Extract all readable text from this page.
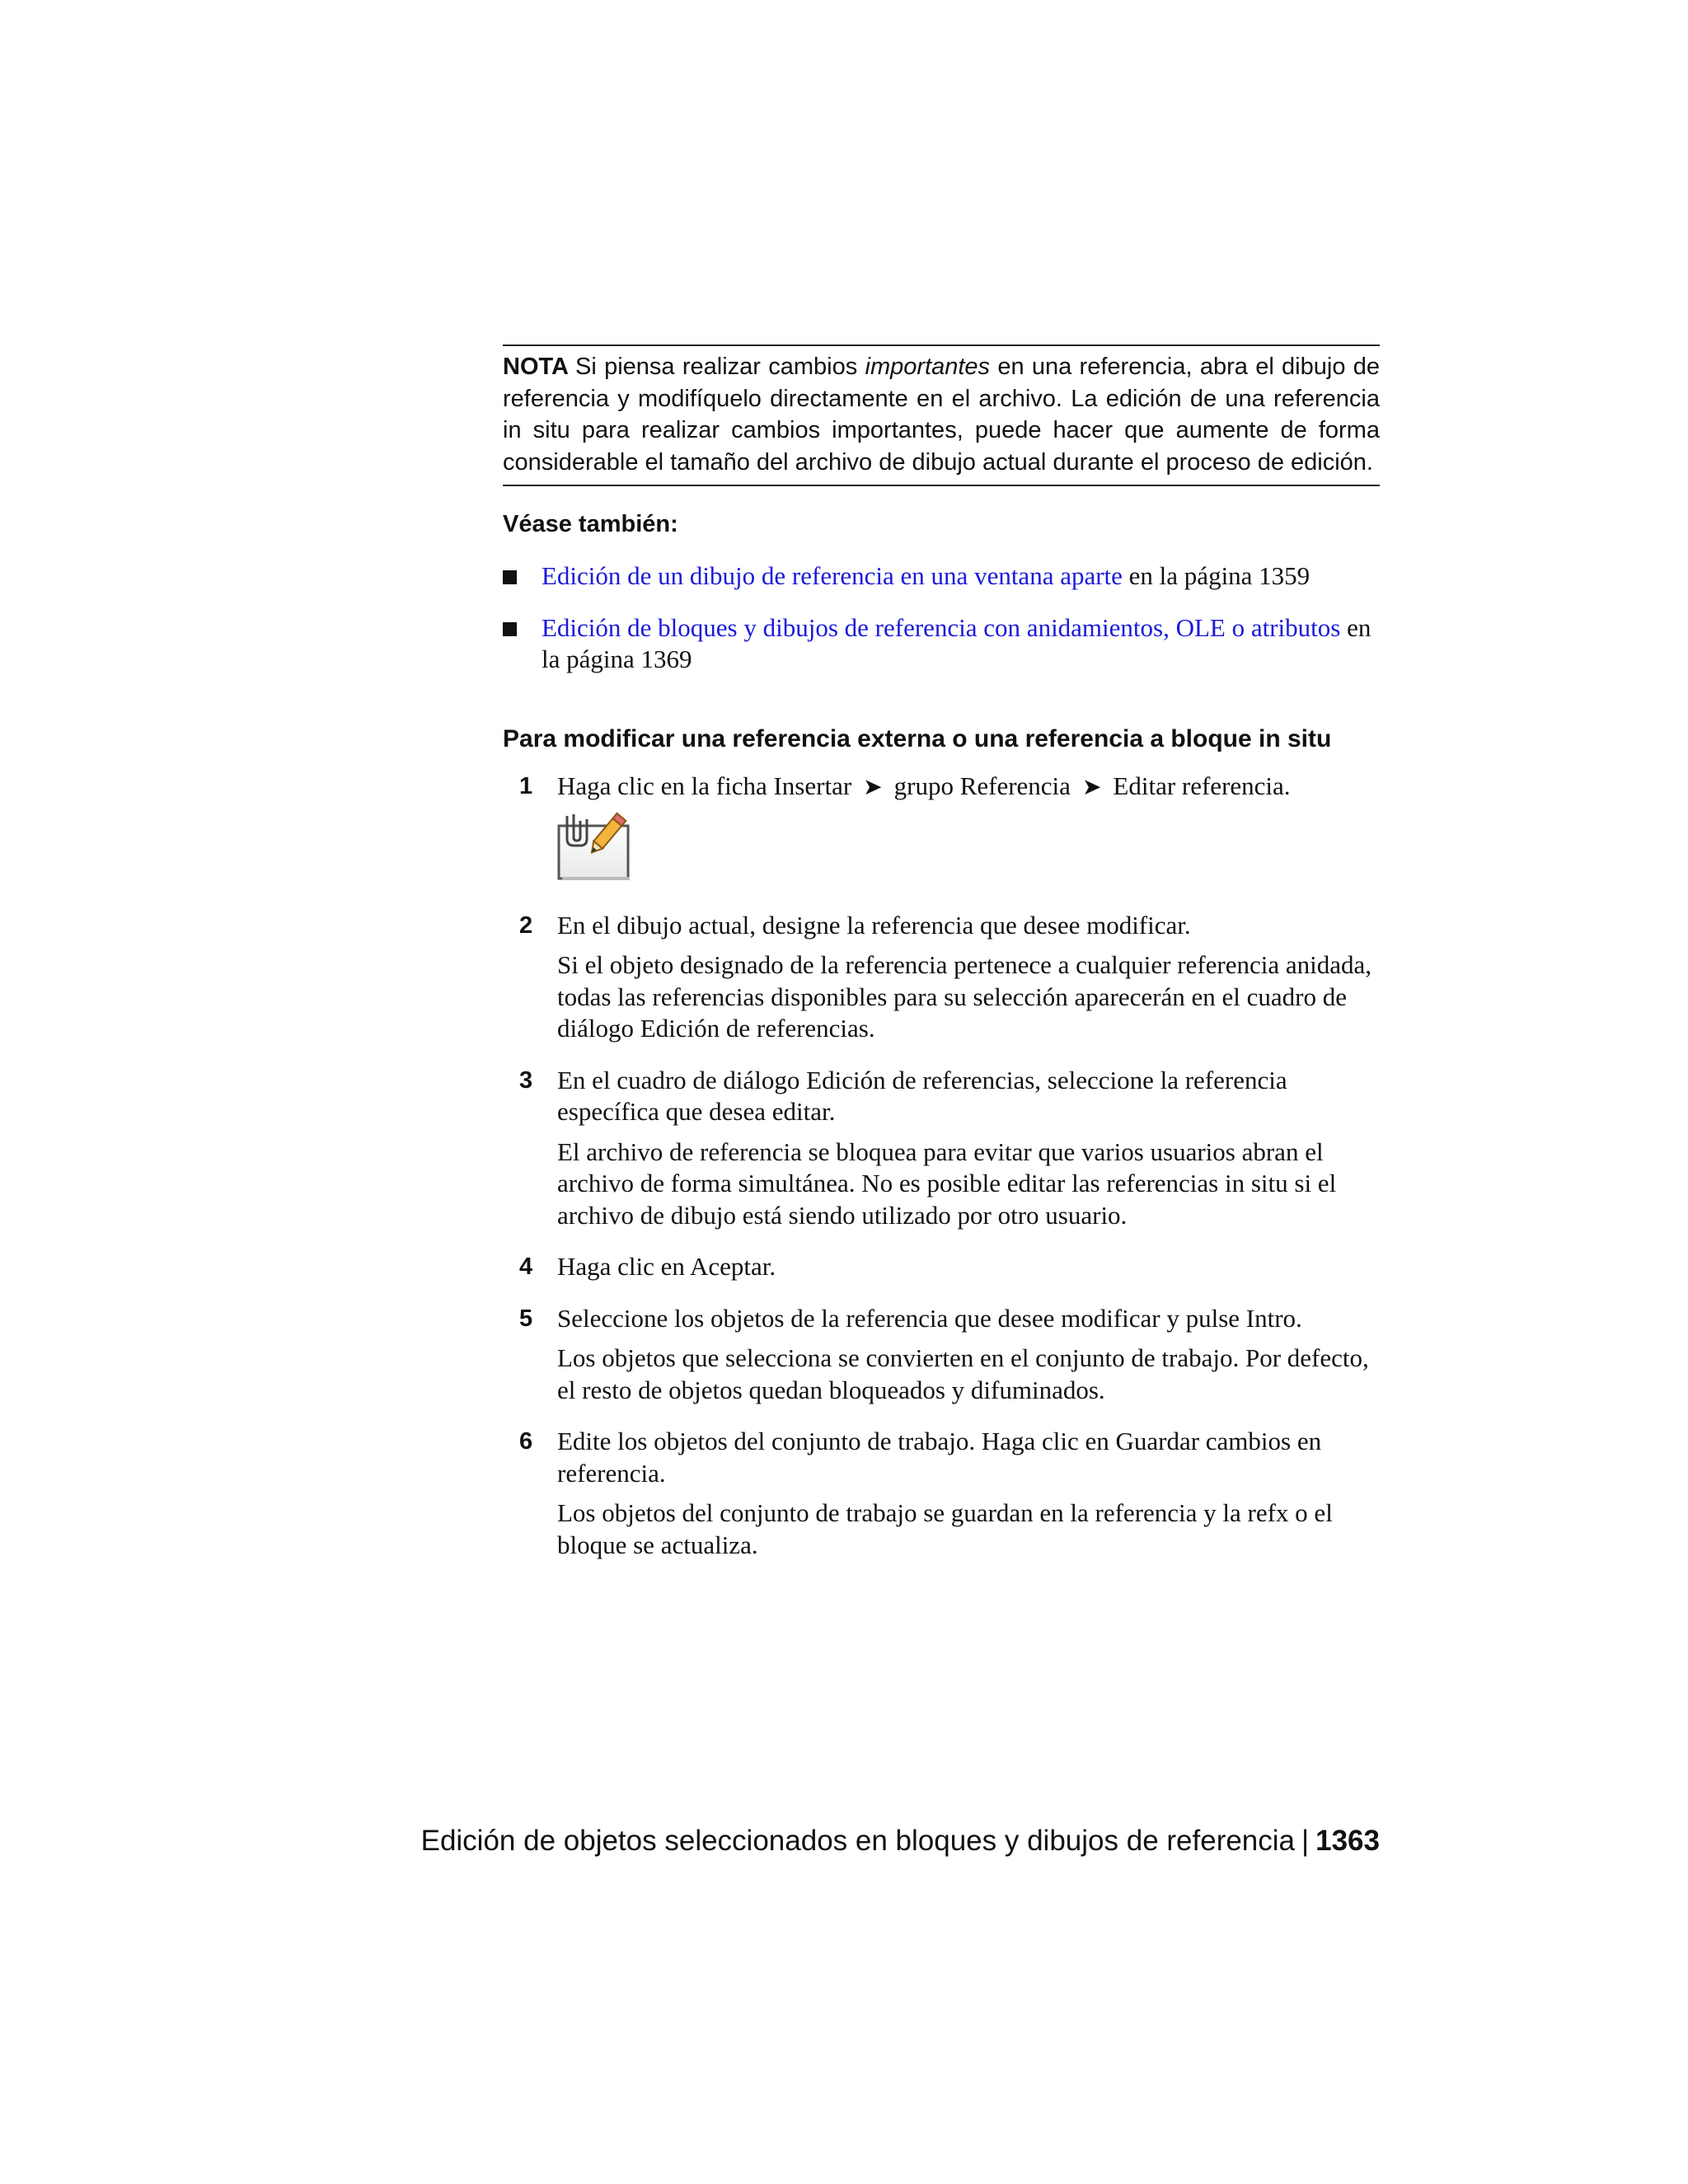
NOTA Si piensa realizar cambios importantes en una referencia, abra el dibujo de referencia y modifíquelo directamente en el archivo. La edición de una referencia in situ para realizar cambios importantes, puede hacer que aumente de forma considerable el tamaño del archivo de dibujo actual durante el proceso de edición.
Véase también:
Edición de un dibujo de referencia en una ventana aparte en la página 1359
Edición de bloques y dibujos de referencia con anidamientos, OLE o atributos en la página 1369
Para modificar una referencia externa o una referencia a bloque in situ
1 Haga clic en la ficha Insertar ➤ grupo Referencia ➤ Editar referencia.

2 En el dibujo actual, designe la referencia que desee modificar.

Si el objeto designado de la referencia pertenece a cualquier referencia anidada, todas las referencias disponibles para su selección aparecerán en el cuadro de diálogo Edición de referencias.

3 En el cuadro de diálogo Edición de referencias, seleccione la referencia específica que desea editar.

El archivo de referencia se bloquea para evitar que varios usuarios abran el archivo de forma simultánea. No es posible editar las referencias in situ si el archivo de dibujo está siendo utilizado por otro usuario.

4 Haga clic en Aceptar.

5 Seleccione los objetos de la referencia que desee modificar y pulse Intro.

Los objetos que selecciona se convierten en el conjunto de trabajo. Por defecto, el resto de objetos quedan bloqueados y difuminados.

6 Edite los objetos del conjunto de trabajo. Haga clic en Guardar cambios en referencia.

Los objetos del conjunto de trabajo se guardan en la referencia y la refx o el bloque se actualiza.

Edición de objetos seleccionados en bloques y dibujos de referencia | 1363
